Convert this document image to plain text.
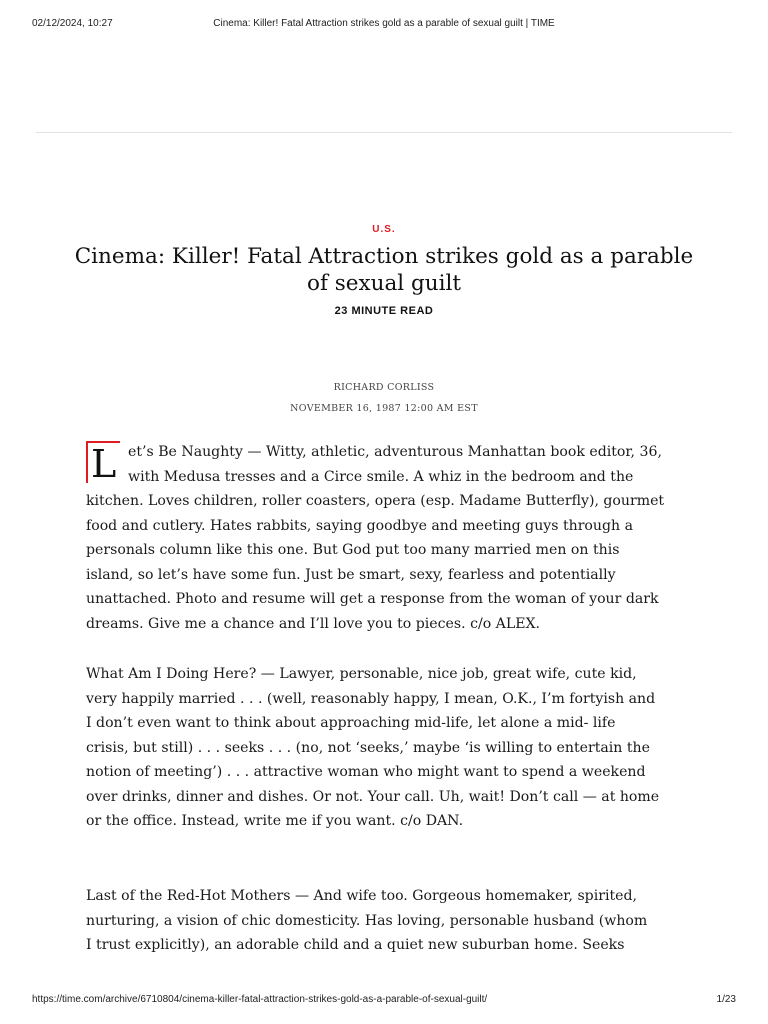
02/12/2024, 10:27	Cinema: Killer! Fatal Attraction strikes gold as a parable of sexual guilt | TIME
U.S.
Cinema: Killer! Fatal Attraction strikes gold as a parable
of sexual guilt
23 MINUTE READ
RICHARD CORLISS
NOVEMBER 16, 1987 12:00 AM EST
L et’s Be Naughty — Witty, athletic, adventurous Manhattan book editor, 36,
with Medusa tresses and a Circe smile. A whiz in the bedroom and the
kitchen. Loves children, roller coasters, opera (esp. Madame Butterfly), gourmet
food and cutlery. Hates rabbits, saying goodbye and meeting guys through a
personals column like this one. But God put too many married men on this
island, so let’s have some fun. Just be smart, sexy, fearless and potentially
unattached. Photo and resume will get a response from the woman of your dark
dreams. Give me a chance and I’ll love you to pieces. c/o ALEX.

What Am I Doing Here? — Lawyer, personable, nice job, great wife, cute kid,
very happily married . . . (well, reasonably happy, I mean, O.K., I’m fortyish and
I don’t even want to think about approaching mid-life, let alone a mid- life
crisis, but still) . . . seeks . . . (no, not ‘seeks,’ maybe ‘is willing to entertain the
notion of meeting’) . . . attractive woman who might want to spend a weekend
over drinks, dinner and dishes. Or not. Your call. Uh, wait! Don’t call — at home
or the office. Instead, write me if you want. c/o DAN.

Last of the Red-Hot Mothers — And wife too. Gorgeous homemaker, spirited,
nurturing, a vision of chic domesticity. Has loving, personable husband (whom
I trust explicitly), an adorable child and a quiet new suburban home. Seeks

https://time.com/archive/6710804/cinema-killer-fatal-attraction-strikes-gold-as-a-parable-of-sexual-guilt/	1/23
